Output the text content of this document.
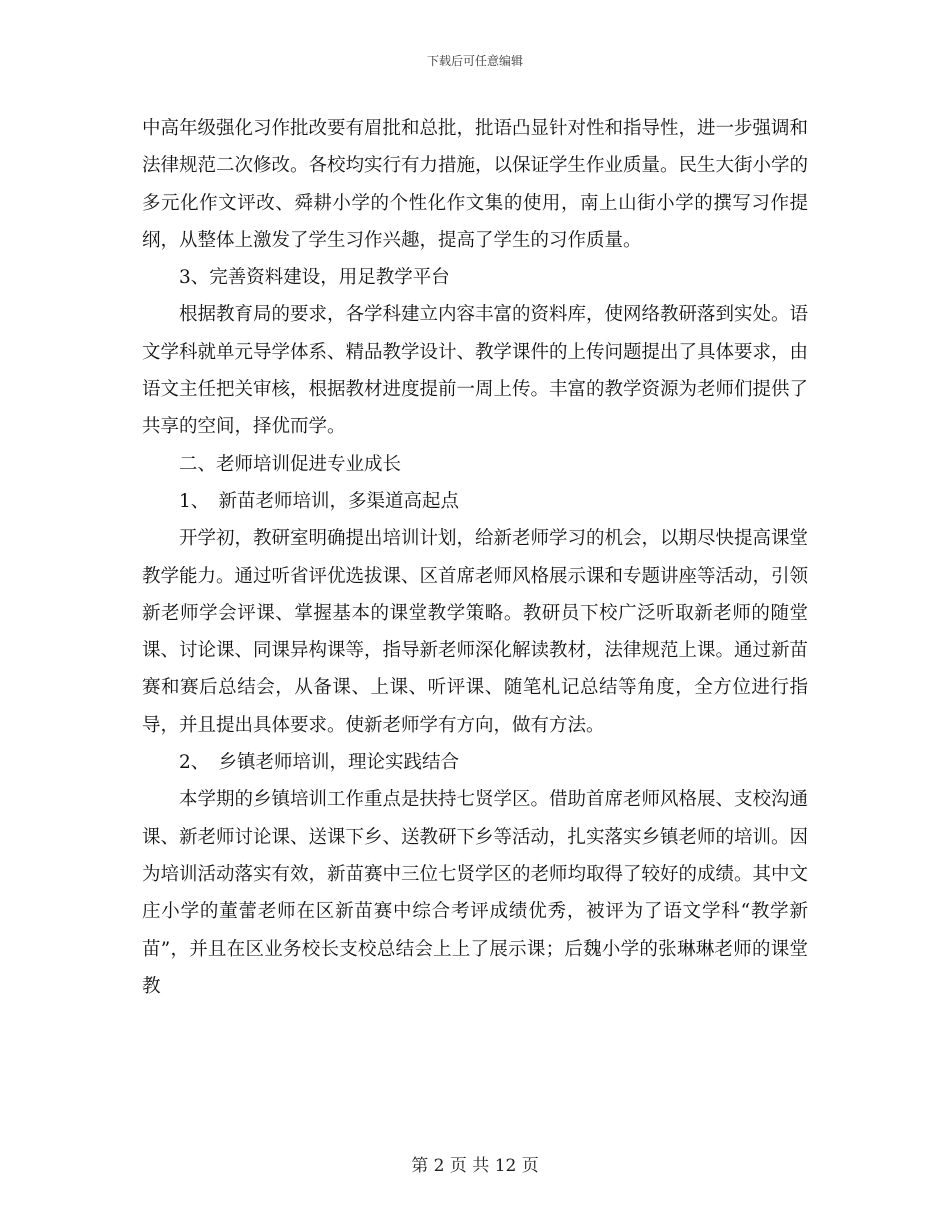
下载后可任意编辑

中高年级强化习作批改要有眉批和总批，批语凸显针对性和指导性，进一步强调和法律规范二次修改。各校均实行有力措施，以保证学生作业质量。民生大街小学的多元化作文评改、舜耕小学的个性化作文集的使用，南上山街小学的撰写习作提纲，从整体上激发了学生习作兴趣，提高了学生的习作质量。

3、完善资料建设，用足教学平台

根据教育局的要求，各学科建立内容丰富的资料库，使网络教研落到实处。语文学科就单元导学体系、精品教学设计、教学课件的上传问题提出了具体要求，由语文主任把关审核，根据教材进度提前一周上传。丰富的教学资源为老师们提供了共享的空间，择优而学。

二、老师培训促进专业成长

1、　新苗老师培训，多渠道高起点

开学初，教研室明确提出培训计划，给新老师学习的机会，以期尽快提高课堂教学能力。通过听省评优选拔课、区首席老师风格展示课和专题讲座等活动，引领新老师学会评课、掌握基本的课堂教学策略。教研员下校广泛听取新老师的随堂课、讨论课、同课异构课等，指导新老师深化解读教材，法律规范上课。通过新苗赛和赛后总结会，从备课、上课、听评课、随笔札记总结等角度，全方位进行指导，并且提出具体要求。使新老师学有方向，做有方法。

2、　乡镇老师培训，理论实践结合

本学期的乡镇培训工作重点是扶持七贤学区。借助首席老师风格展、支校沟通课、新老师讨论课、送课下乡、送教研下乡等活动，扎实落实乡镇老师的培训。因为培训活动落实有效，新苗赛中三位七贤学区的老师均取得了较好的成绩。其中文庄小学的董蕾老师在区新苗赛中综合考评成绩优秀，被评为了语文学科“教学新苗”，并且在区业务校长支校总结会上上了展示课；后魏小学的张琳琳老师的课堂教

第 2 页 共 12 页
